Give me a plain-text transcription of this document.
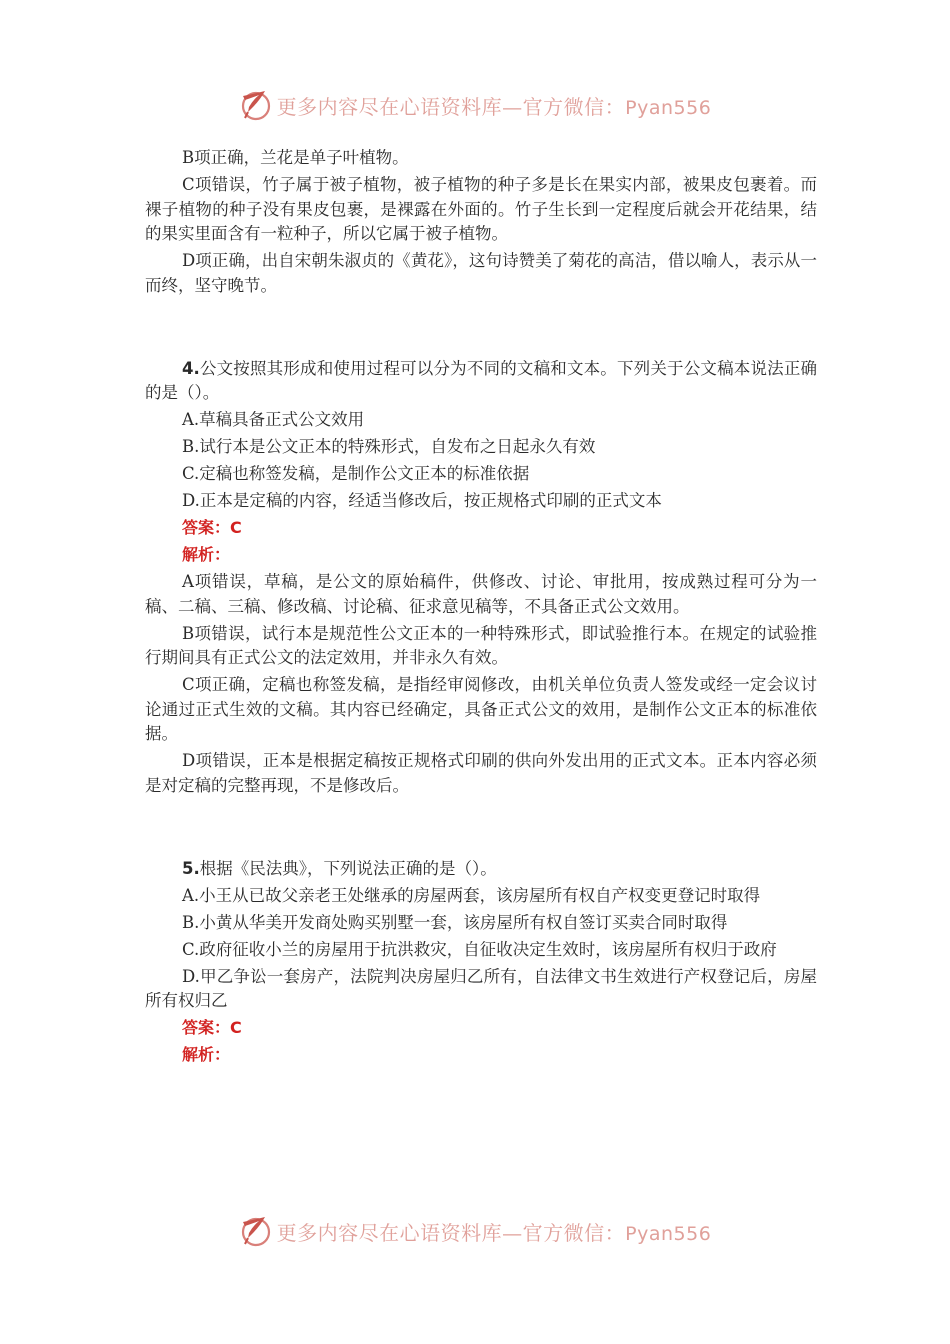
更多内容尽在心语资料库—官方微信：Pyan556

B项正确，兰花是单子叶植物。

C项错误，竹子属于被子植物，被子植物的种子多是长在果实内部，被果皮包裹着。而裸子植物的种子没有果皮包裹，是裸露在外面的。竹子生长到一定程度后就会开花结果，结的果实里面含有一粒种子，所以它属于被子植物。

D项正确，出自宋朝朱淑贞的《黄花》，这句诗赞美了菊花的高洁，借以喻人，表示从一而终，坚守晚节。

4.公文按照其形成和使用过程可以分为不同的文稿和文本。下列关于公文稿本说法正确的是（）。

A.草稿具备正式公文效用

B.试行本是公文正本的特殊形式，自发布之日起永久有效

C.定稿也称签发稿，是制作公文正本的标准依据

D.正本是定稿的内容，经适当修改后，按正规格式印刷的正式文本

答案：C

解析：

A项错误，草稿，是公文的原始稿件，供修改、讨论、审批用，按成熟过程可分为一稿、二稿、三稿、修改稿、讨论稿、征求意见稿等，不具备正式公文效用。

B项错误，试行本是规范性公文正本的一种特殊形式，即试验推行本。在规定的试验推行期间具有正式公文的法定效用，并非永久有效。

C项正确，定稿也称签发稿，是指经审阅修改，由机关单位负责人签发或经一定会议讨论通过正式生效的文稿。其内容已经确定，具备正式公文的效用，是制作公文正本的标准依据。

D项错误，正本是根据定稿按正规格式印刷的供向外发出用的正式文本。正本内容必须是对定稿的完整再现，不是修改后。

5.根据《民法典》，下列说法正确的是（）。

A.小王从已故父亲老王处继承的房屋两套，该房屋所有权自产权变更登记时取得

B.小黄从华美开发商处购买别墅一套，该房屋所有权自签订买卖合同时取得

C.政府征收小兰的房屋用于抗洪救灾，自征收决定生效时，该房屋所有权归于政府

D.甲乙争讼一套房产，法院判决房屋归乙所有，自法律文书生效进行产权登记后，房屋所有权归乙

答案：C

解析：

更多内容尽在心语资料库—官方微信：Pyan556
